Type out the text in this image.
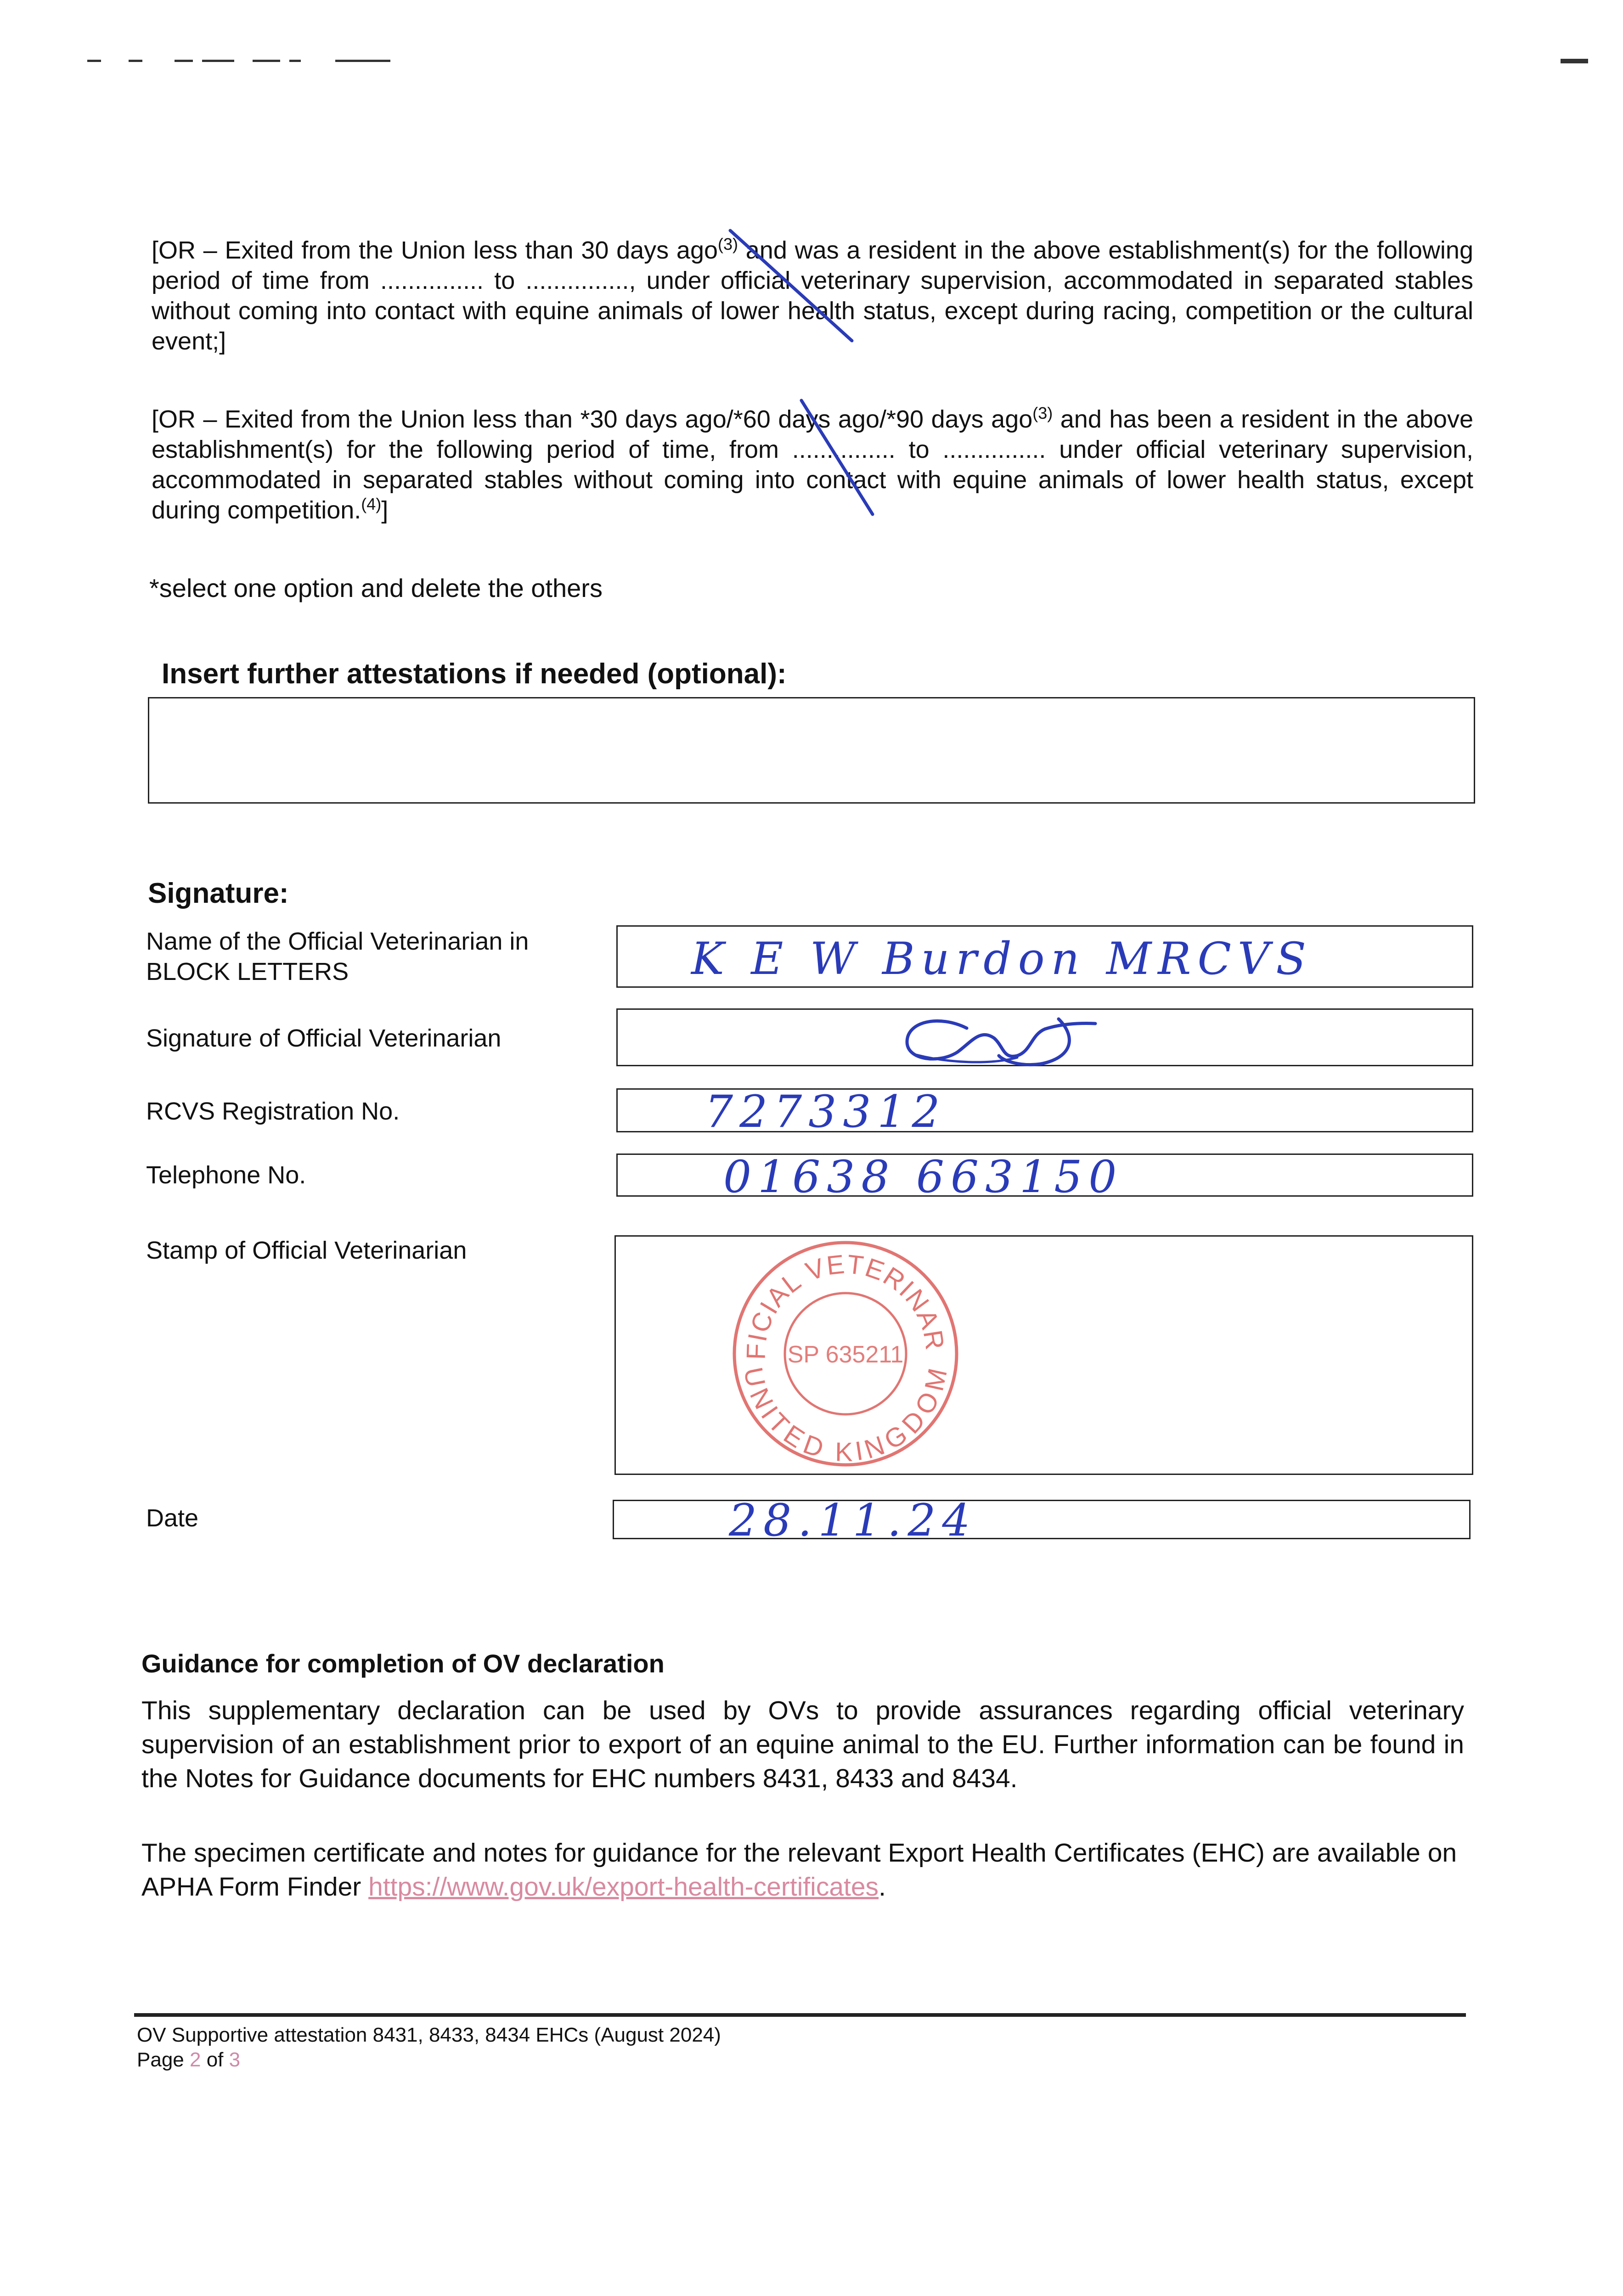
[OR – Exited from the Union less than 30 days ago$^{(3)}$ and was a resident in the above establishment(s) for the following period of time from ............... to ..............., under official veterinary supervision, accommodated in separated stables without coming into contact with equine animals of lower health status, except during racing, competition or the cultural event;]

[OR – Exited from the Union less than *30 days ago/*60 days ago/*90 days ago$^{(3)}$ and has been a resident in the above establishment(s) for the following period of time, from ............... to ............... under official veterinary supervision, accommodated in separated stables without coming into contact with equine animals of lower health status, except during competition.$^{(4)}$]

*select one option and delete the others
Insert further attestations if needed (optional):
Signature:
Name of the Official Veterinarian in BLOCK LETTERS	K E W Burdon MRCVS
Signature of Official Veterinarian
RCVS Registration No.	7273312
Telephone No.	01638 663150
Stamp of Official Veterinarian
FICIAL VETERINAR
UNITED KINGDOM
SP 635211
Date	28.11.24
Guidance for completion of OV declaration

This supplementary declaration can be used by OVs to provide assurances regarding official veterinary supervision of an establishment prior to export of an equine animal to the EU. Further information can be found in the Notes for Guidance documents for EHC numbers 8431, 8433 and 8434.

The specimen certificate and notes for guidance for the relevant Export Health Certificates (EHC) are available on APHA Form Finder https://www.gov.uk/export-health-certificates.

OV Supportive attestation 8431, 8433, 8434 EHCs (August 2024)
Page 2 of 3
